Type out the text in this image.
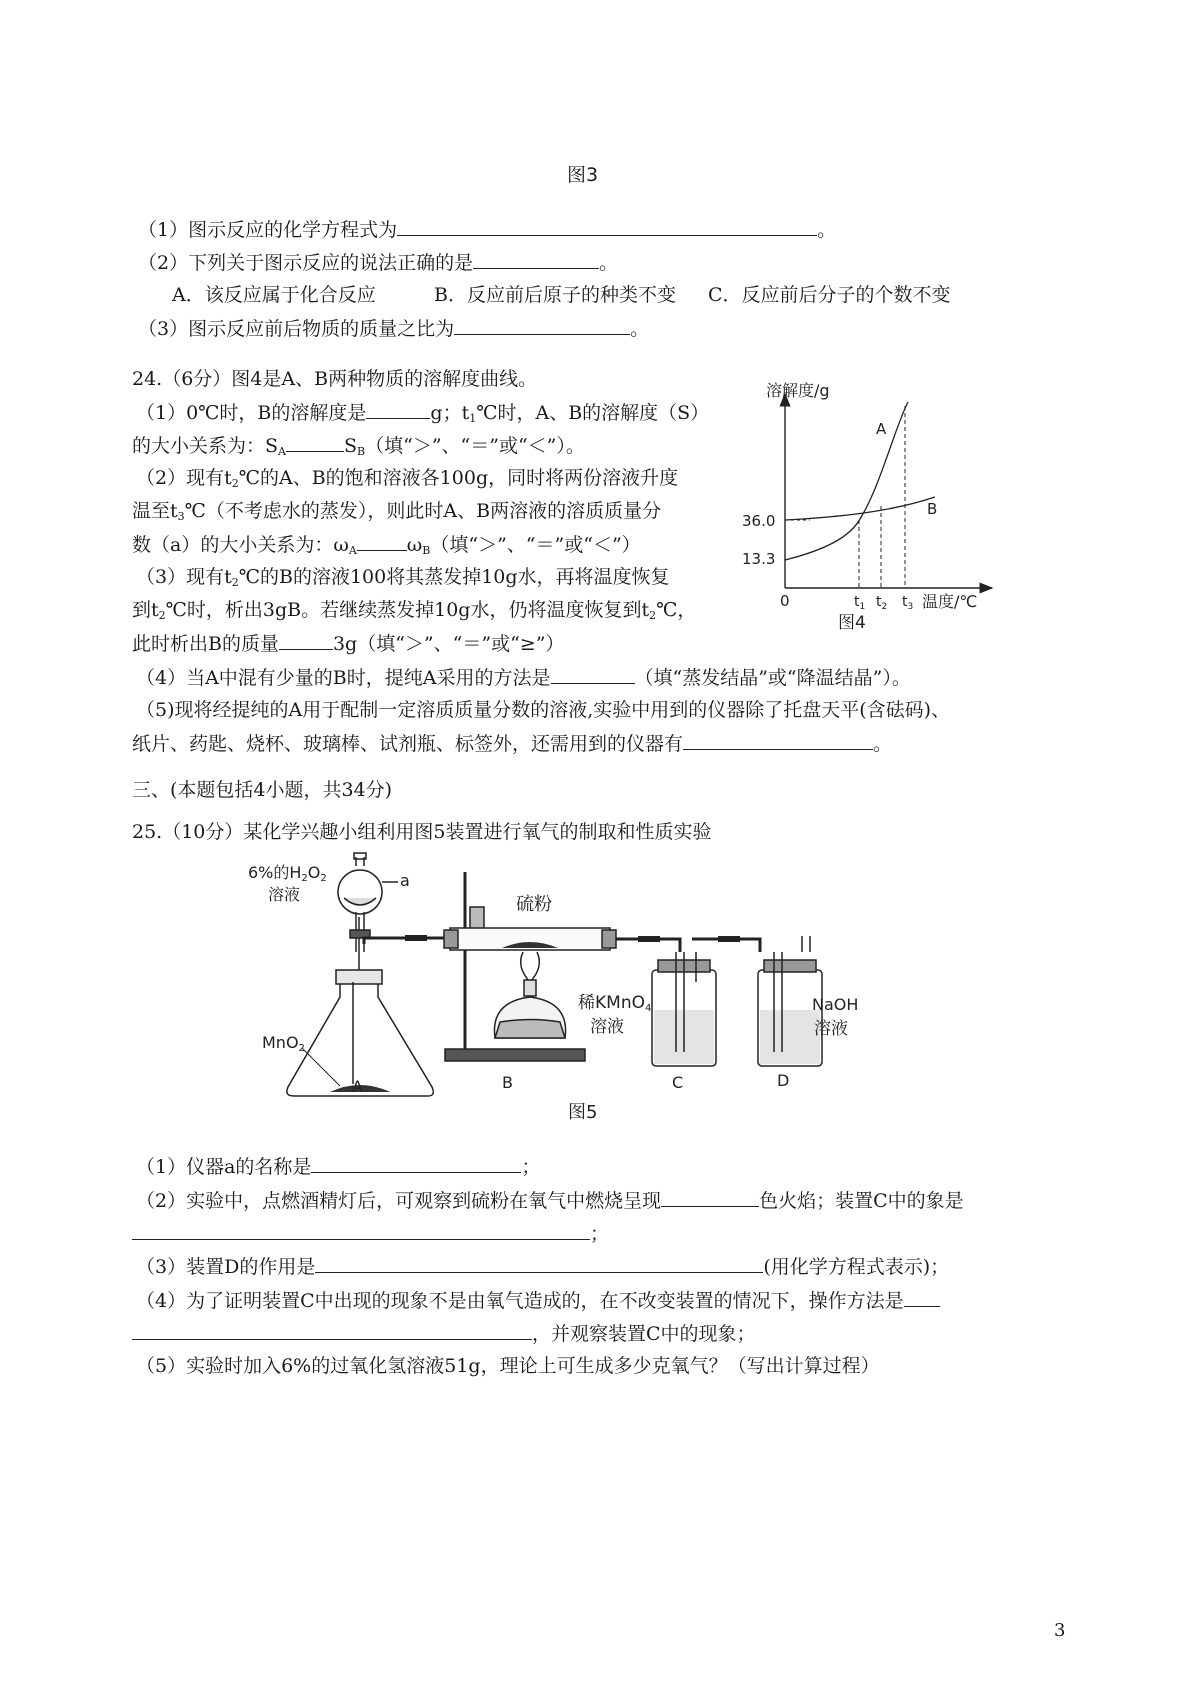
图3
（1）图示反应的化学方程式为	。
（2）下列关于图示反应的说法正确的是	。
A．该反应属于化合反应	B．反应前后原子的种类不变 C．反应前后分子的个数不变
（3）图示反应前后物质的质量之比为	。
24.（6分）图4是A、B两种物质的溶解度曲线。
（1）0℃时，B的溶解度是	g；$t_1℃$时，A、B的溶解度（S）
的大小关系为：$S_A$	$S_B$（填“＞”、“＝”或“＜”）。
（2）现有$t_2℃$的A、B的饱和溶液各100g，同时将两份溶液升度
温至$t_3℃$（不考虑水的蒸发），则此时A、B两溶液的溶质质量分
数（a）的大小关系为：$\omega_A$	$\omega_B$（填“＞”、“＝”或“＜”）
（3）现有$t_2℃$的B的溶液100将其蒸发掉10g水，再将温度恢复
到$t_2℃$时，析出3gB。若继续蒸发掉10g水，仍将温度恢复到$t_2℃$，
此时析出B的质量	3g（填“＞”、“＝”或“≥”）
（4）当A中混有少量的B时，提纯A采用的方法是	（填“蒸发结晶”或“降温结晶”）。
（5)现将经提纯的A用于配制一定溶质质量分数的溶液,实验中用到的仪器除了托盘天平(含砝码)、
纸片、药匙、烧杯、玻璃棒、试剂瓶、标签外，还需用到的仪器有	。
溶解度/g
温度/℃
0
36.0
13.3
$t_1$ $t_2$ $t_3$
A
B
图4
三、(本题包括4小题，共34分)
25.（10分）某化学兴趣小组利用图5装置进行氧气的制取和性质实验
6%的H2O2
溶液
a
硫粉
稀KMnO4
溶液
NaOH
溶液
MnO2
A	B	C	D
图5
（1）仪器a的名称是	；
（2）实验中，点燃酒精灯后，可观察到硫粉在氧气中燃烧呈现	色火焰；装置C中的象是
；
（3）装置D的作用是	(用化学方程式表示)；
（4）为了证明装置C中出现的现象不是由氧气造成的，在不改变装置的情况下，操作方法是
，并观察装置C中的现象；
（5）实验时加入6%的过氧化氢溶液51g，理论上可生成多少克氧气？（写出计算过程）
3
